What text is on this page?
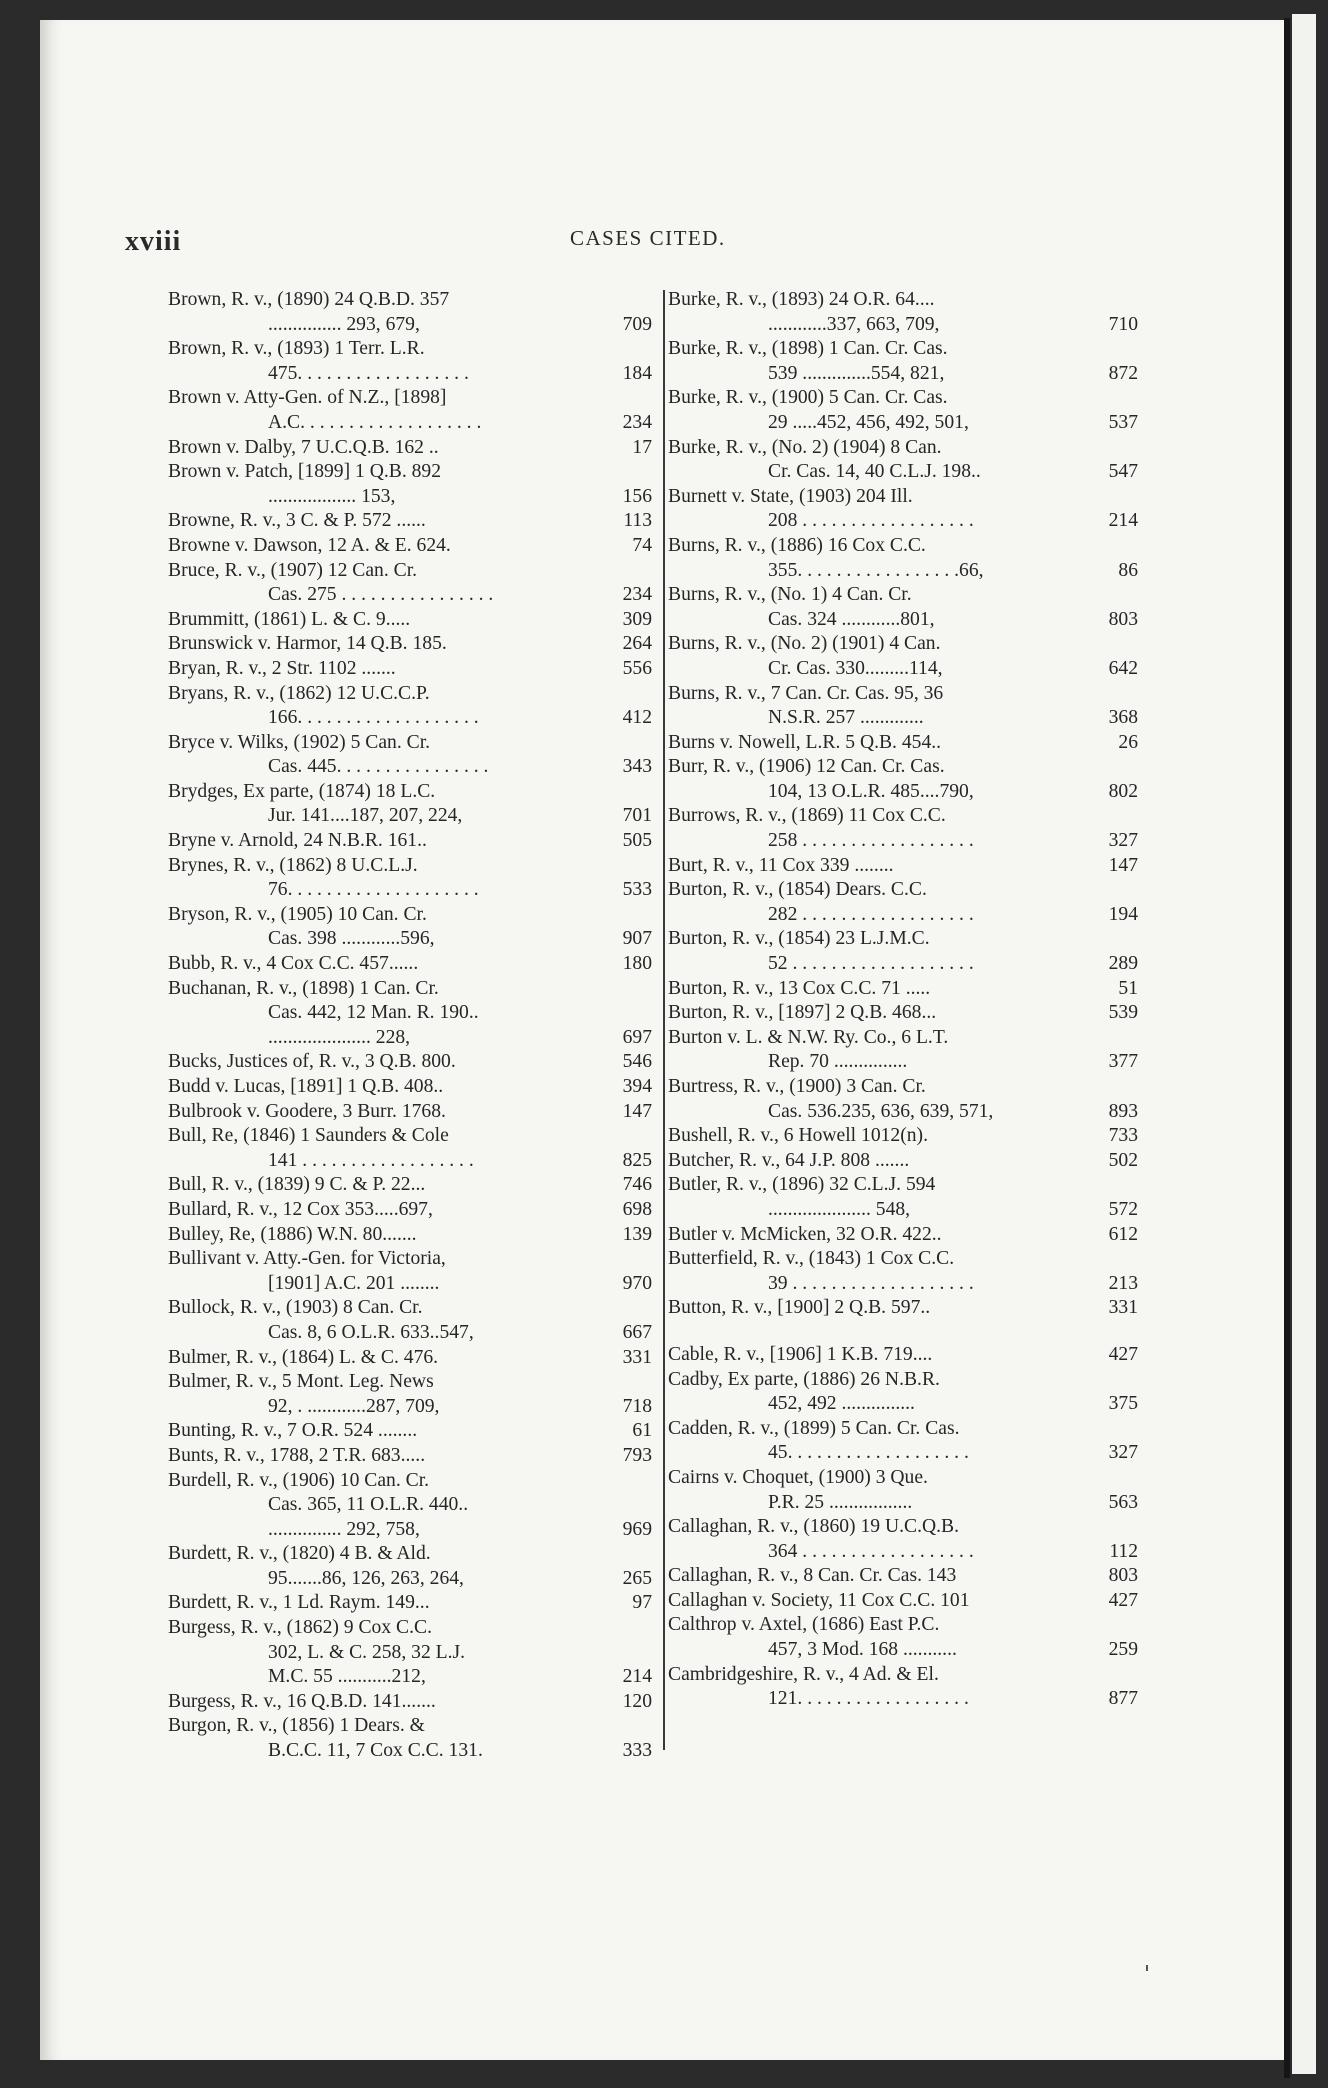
xviii	CASES CITED.
Brown, R. v., (1890) 24 Q.B.D. 357
............... 293, 679,	709
Brown, R. v., (1893) 1 Terr. L.R.
475. . . . . . . . . . . . . . . . . .	184
Brown v. Atty-Gen. of N.Z., [1898]
A.C. . . . . . . . . . . . . . . . . . .	234
Brown v. Dalby, 7 U.C.Q.B. 162 ..	17
Brown v. Patch, [1899] 1 Q.B. 892
.................. 153,	156
Browne, R. v., 3 C. & P. 572 ......	113
Browne v. Dawson, 12 A. & E. 624.	74
Bruce, R. v., (1907) 12 Can. Cr.
Cas. 275 . . . . . . . . . . . . . . . .	234
Brummitt, (1861) L. & C. 9.....	309
Brunswick v. Harmor, 14 Q.B. 185.	264
Bryan, R. v., 2 Str. 1102 .......	556
Bryans, R. v., (1862) 12 U.C.C.P.
166. . . . . . . . . . . . . . . . . . .	412
Bryce v. Wilks, (1902) 5 Can. Cr.
Cas. 445. . . . . . . . . . . . . . . .	343
Brydges, Ex parte, (1874) 18 L.C.
Jur. 141....187, 207, 224,	701
Bryne v. Arnold, 24 N.B.R. 161..	505
Brynes, R. v., (1862) 8 U.C.L.J.
76. . . . . . . . . . . . . . . . . . . .	533
Bryson, R. v., (1905) 10 Can. Cr.
Cas. 398 ............596,	907
Bubb, R. v., 4 Cox C.C. 457......	180
Buchanan, R. v., (1898) 1 Can. Cr.
Cas. 442, 12 Man. R. 190..
..................... 228,	697
Bucks, Justices of, R. v., 3 Q.B. 800.	546
Budd v. Lucas, [1891] 1 Q.B. 408..	394
Bulbrook v. Goodere, 3 Burr. 1768.	147
Bull, Re, (1846) 1 Saunders & Cole
141 . . . . . . . . . . . . . . . . . .	825
Bull, R. v., (1839) 9 C. & P. 22...	746
Bullard, R. v., 12 Cox 353.....697,	698
Bulley, Re, (1886) W.N. 80.......	139
Bullivant v. Atty.-Gen. for Victoria,
[1901] A.C. 201 ........	970
Bullock, R. v., (1903) 8 Can. Cr.
Cas. 8, 6 O.L.R. 633..547,	667
Bulmer, R. v., (1864) L. & C. 476.	331
Bulmer, R. v., 5 Mont. Leg. News
92, . ............287, 709,	718
Bunting, R. v., 7 O.R. 524 ........	61
Bunts, R. v., 1788, 2 T.R. 683.....	793
Burdell, R. v., (1906) 10 Can. Cr.
Cas. 365, 11 O.L.R. 440..
............... 292, 758,	969
Burdett, R. v., (1820) 4 B. & Ald.
95.......86, 126, 263, 264,	265
Burdett, R. v., 1 Ld. Raym. 149...	97
Burgess, R. v., (1862) 9 Cox C.C.
302, L. & C. 258, 32 L.J.
M.C. 55 ...........212,	214
Burgess, R. v., 16 Q.B.D. 141.......	120
Burgon, R. v., (1856) 1 Dears. &
B.C.C. 11, 7 Cox C.C. 131.	333
Burke, R. v., (1893) 24 O.R. 64....
............337, 663, 709,	710
Burke, R. v., (1898) 1 Can. Cr. Cas.
539 ..............554, 821,	872
Burke, R. v., (1900) 5 Can. Cr. Cas.
29 .....452, 456, 492, 501,	537
Burke, R. v., (No. 2) (1904) 8 Can.
Cr. Cas. 14, 40 C.L.J. 198..	547
Burnett v. State, (1903) 204 Ill.
208 . . . . . . . . . . . . . . . . . .	214
Burns, R. v., (1886) 16 Cox C.C.
355. . . . . . . . . . . . . . . . .66,	86
Burns, R. v., (No. 1) 4 Can. Cr.
Cas. 324 ............801,	803
Burns, R. v., (No. 2) (1901) 4 Can.
Cr. Cas. 330.........114,	642
Burns, R. v., 7 Can. Cr. Cas. 95, 36
N.S.R. 257 .............	368
Burns v. Nowell, L.R. 5 Q.B. 454..	26
Burr, R. v., (1906) 12 Can. Cr. Cas.
104, 13 O.L.R. 485....790,	802
Burrows, R. v., (1869) 11 Cox C.C.
258 . . . . . . . . . . . . . . . . . .	327
Burt, R. v., 11 Cox 339 ........	147
Burton, R. v., (1854) Dears. C.C.
282 . . . . . . . . . . . . . . . . . .	194
Burton, R. v., (1854) 23 L.J.M.C.
52 . . . . . . . . . . . . . . . . . . .	289
Burton, R. v., 13 Cox C.C. 71 .....	51
Burton, R. v., [1897] 2 Q.B. 468...	539
Burton v. L. & N.W. Ry. Co., 6 L.T.
Rep. 70 ...............	377
Burtress, R. v., (1900) 3 Can. Cr.
Cas. 536.235, 636, 639, 571,	893
Bushell, R. v., 6 Howell 1012(n).	733
Butcher, R. v., 64 J.P. 808 .......	502
Butler, R. v., (1896) 32 C.L.J. 594
..................... 548,	572
Butler v. McMicken, 32 O.R. 422..	612
Butterfield, R. v., (1843) 1 Cox C.C.
39 . . . . . . . . . . . . . . . . . . .	213
Button, R. v., [1900] 2 Q.B. 597..	331
Cable, R. v., [1906] 1 K.B. 719....	427
Cadby, Ex parte, (1886) 26 N.B.R.
452, 492 ...............	375
Cadden, R. v., (1899) 5 Can. Cr. Cas.
45. . . . . . . . . . . . . . . . . . .	327
Cairns v. Choquet, (1900) 3 Que.
P.R. 25 .................	563
Callaghan, R. v., (1860) 19 U.C.Q.B.
364 . . . . . . . . . . . . . . . . . .	112
Callaghan, R. v., 8 Can. Cr. Cas. 143	803
Callaghan v. Society, 11 Cox C.C. 101	427
Calthrop v. Axtel, (1686) East P.C.
457, 3 Mod. 168 ...........	259
Cambridgeshire, R. v., 4 Ad. & El.
121. . . . . . . . . . . . . . . . . .	877
